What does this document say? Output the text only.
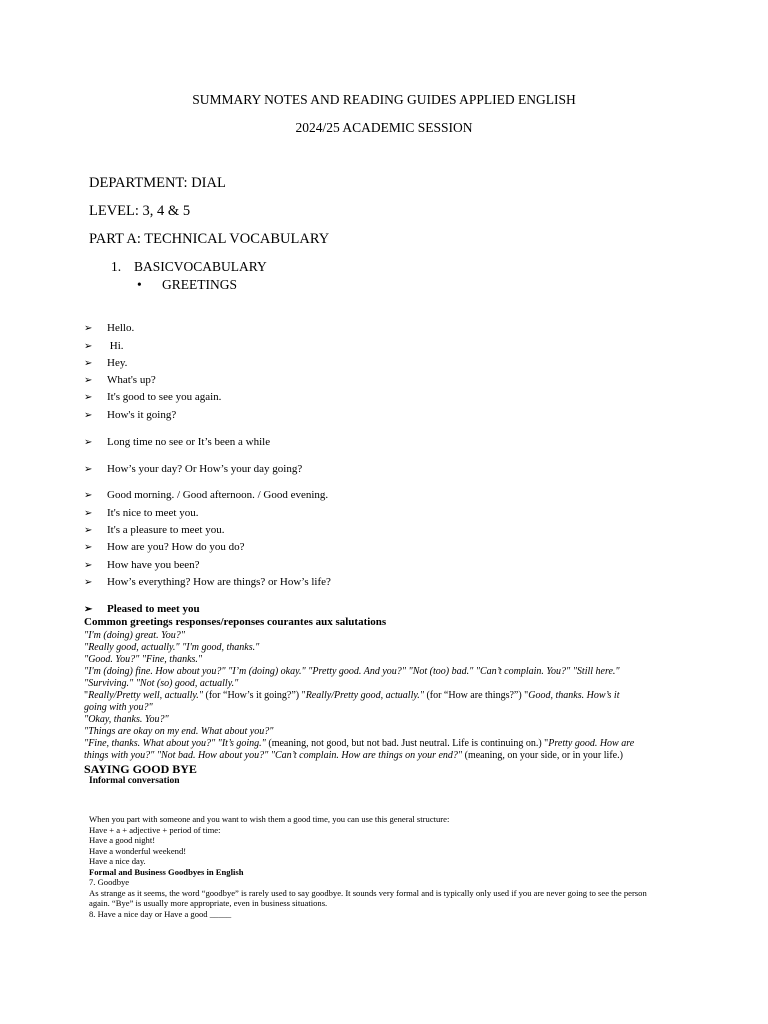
SUMMARY NOTES AND READING GUIDES APPLIED ENGLISH
2024/25 ACADEMIC SESSION
DEPARTMENT: DIAL
LEVEL: 3, 4 & 5
PART A: TECHNICAL VOCABULARY
1. BASICVOCABULARY
• GREETINGS
➢ Hello.
➢ Hi.
➢ Hey.
➢ What's up?
➢ It's good to see you again.
➢ How's it going?
➢ Long time no see or It’s been a while
➢ How’s your day? Or How’s your day going?
➢ Good morning. / Good afternoon. / Good evening.
➢ It's nice to meet you.
➢ It's a pleasure to meet you.
➢ How are you? How do you do?
➢ How have you been?
➢ How’s everything? How are things? or How’s life?
➢ Pleased to meet you
Common greetings responses/reponses courantes aux salutations
"I'm (doing) great. You?"
"Really good, actually." "I'm good, thanks."
"Good. You?" "Fine, thanks."
"I'm (doing) fine. How about you?" "I’m (doing) okay." "Pretty good. And you?" "Not (too) bad." "Can’t complain. You?" "Still here."
"Surviving." "Not (so) good, actually."
"Really/Pretty well, actually." (for “How’s it going?”) "Really/Pretty good, actually." (for “How are things?”) "Good, thanks. How’s it
going with you?"
"Okay, thanks. You?"
"Things are okay on my end. What about you?"
"Fine, thanks. What about you?" "It’s going." (meaning, not good, but not bad. Just neutral. Life is continuing on.) "Pretty good. How are
things with you?" "Not bad. How about you?" "Can’t complain. How are things on your end?" (meaning, on your side, or in your life.)
SAYING GOOD BYE
Informal conversation
When you part with someone and you want to wish them a good time, you can use this general structure:
Have + a + adjective + period of time:
Have a good night!
Have a wonderful weekend!
Have a nice day.
Formal and Business Goodbyes in English
7. Goodbye
As strange as it seems, the word “goodbye” is rarely used to say goodbye. It sounds very formal and is typically only used if you are never going to see the person
again. “Bye” is usually more appropriate, even in business situations.
8. Have a nice day or Have a good _____
